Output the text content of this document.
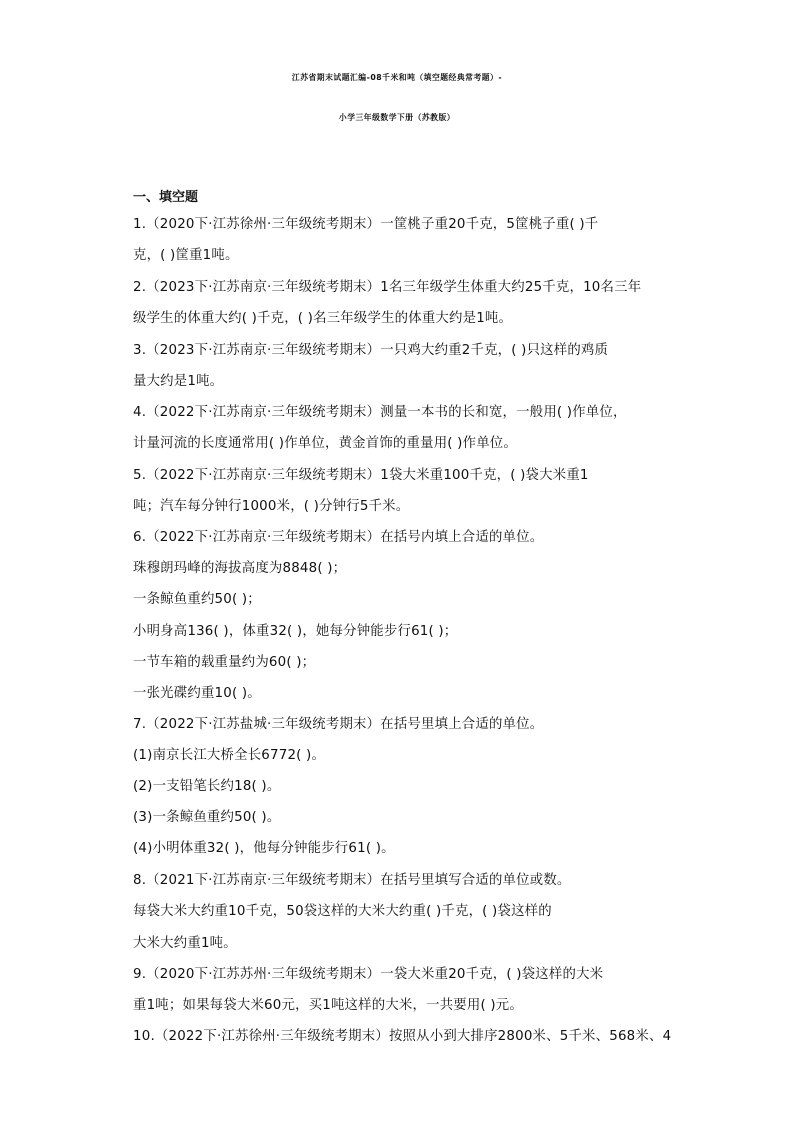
江苏省期末试题汇编-08千米和吨（填空题经典常考题）-
小学三年级数学下册（苏教版）
一、填空题
1.（2020下·江苏徐州·三年级统考期末）一筐桃子重20千克，5筐桃子重( )千
克，( )筐重1吨。
2.（2023下·江苏南京·三年级统考期末）1名三年级学生体重大约25千克，10名三年
级学生的体重大约( )千克，( )名三年级学生的体重大约是1吨。
3.（2023下·江苏南京·三年级统考期末）一只鸡大约重2千克，( )只这样的鸡质
量大约是1吨。
4.（2022下·江苏南京·三年级统考期末）测量一本书的长和宽，一般用( )作单位，
计量河流的长度通常用( )作单位，黄金首饰的重量用( )作单位。
5.（2022下·江苏南京·三年级统考期末）1袋大米重100千克，( )袋大米重1
吨；汽车每分钟行1000米，( )分钟行5千米。
6.（2022下·江苏南京·三年级统考期末）在括号内填上合适的单位。
珠穆朗玛峰的海拔高度为8848( )；
一条鲸鱼重约50( )；
小明身高136( )，体重32( )，她每分钟能步行61( )；
一节车箱的载重量约为60( )；
一张光碟约重10( )。
7.（2022下·江苏盐城·三年级统考期末）在括号里填上合适的单位。
(1)南京长江大桥全长6772( )。
(2)一支铅笔长约18( )。
(3)一条鲸鱼重约50( )。
(4)小明体重32( )，他每分钟能步行61( )。
8.（2021下·江苏南京·三年级统考期末）在括号里填写合适的单位或数。
每袋大米大约重10千克，50袋这样的大米大约重( )千克，( )袋这样的
大米大约重1吨。
9.（2020下·江苏苏州·三年级统考期末）一袋大米重20千克，( )袋这样的大米
重1吨；如果每袋大米60元，买1吨这样的大米，一共要用( )元。
10.（2022下·江苏徐州·三年级统考期末）按照从小到大排序2800米、5千米、568米、4
